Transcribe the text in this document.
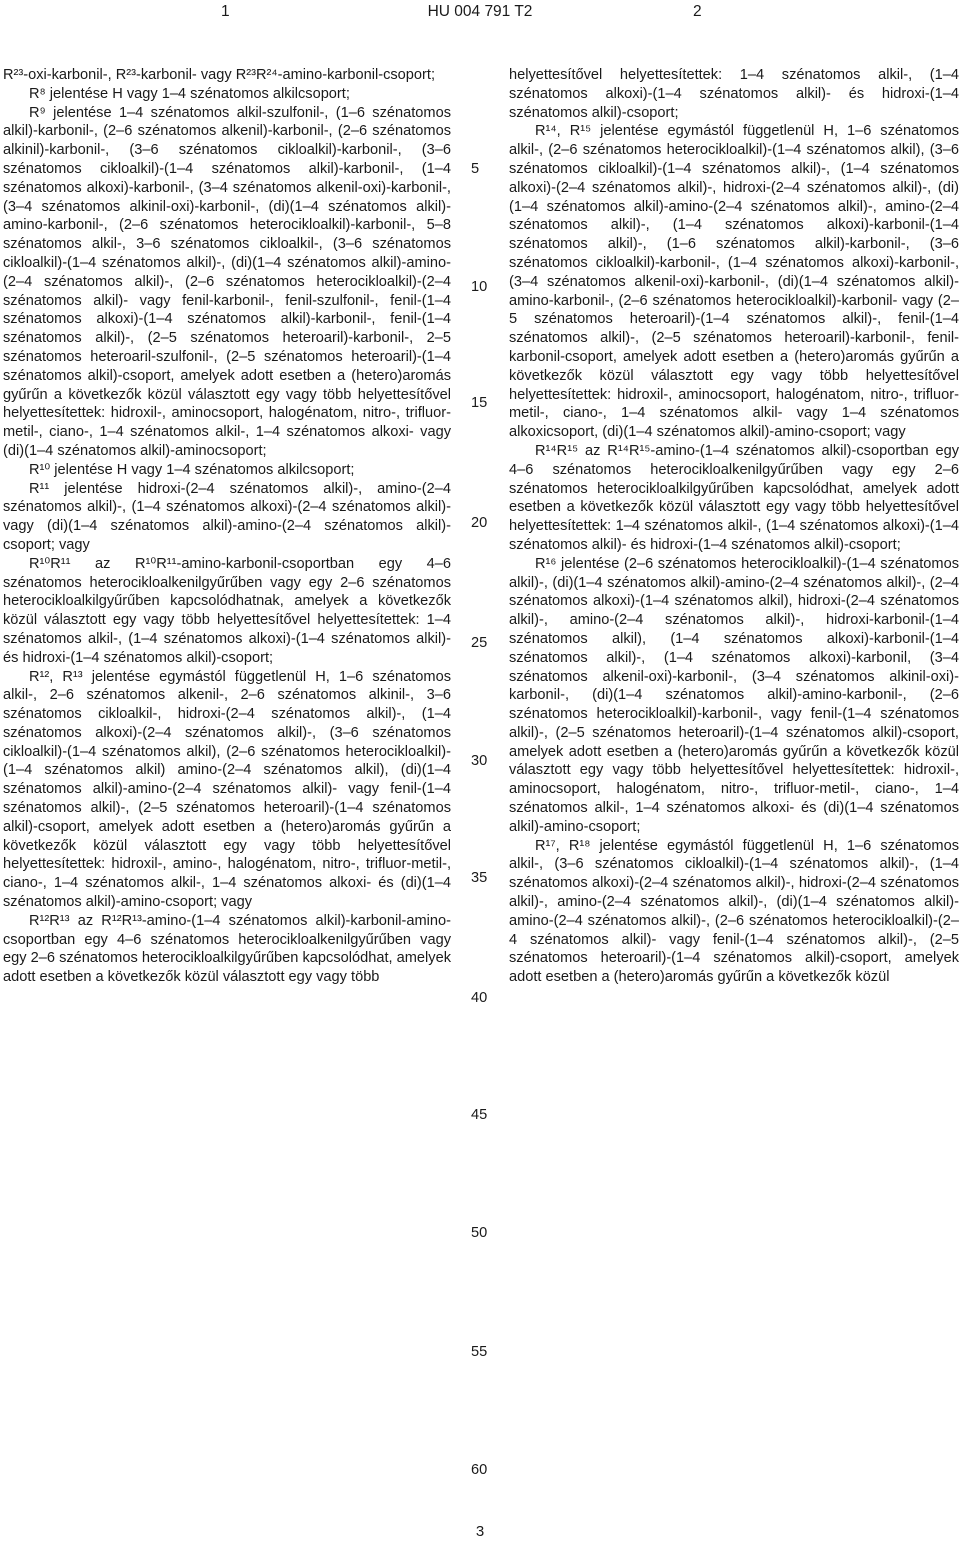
1	HU 004 791 T2	2

R²³-oxi-karbonil-, R²³-karbonil- vagy R²³R²⁴-amino-karbonil-csoport;

R⁸ jelentése H vagy 1–4 szénatomos alkilcsoport;

R⁹ jelentése 1–4 szénatomos alkil-szulfonil-, (1–6 szénatomos alkil)-karbonil-, (2–6 szénatomos alkenil)-karbonil-, (2–6 szénatomos alkinil)-karbonil-, (3–6 szénatomos cikloalkil)-karbonil-, (3–6 szénatomos cikloalkil)-(1–4 szénatomos alkil)-karbonil-, (1–4 szénatomos alkoxi)-karbonil-, (3–4 szénatomos alkenil-oxi)-karbonil-, (3–4 szénatomos alkinil-oxi)-karbonil-, (di)(1–4 szénatomos alkil)-amino-karbonil-, (2–6 szénatomos heterocikloalkil)-karbonil-, 5–8 szénatomos alkil-, 3–6 szénatomos cikloalkil-, (3–6 szénatomos cikloalkil)-(1–4 szénatomos alkil)-, (di)(1–4 szénatomos alkil)-amino-(2–4 szénatomos alkil)-, (2–6 szénatomos heterocikloalkil)-(2–4 szénatomos alkil)- vagy fenil-karbonil-, fenil-szulfonil-, fenil-(1–4 szénatomos alkoxi)-(1–4 szénatomos alkil)-karbonil-, fenil-(1–4 szénatomos alkil)-, (2–5 szénatomos heteroaril)-karbonil-, 2–5 szénatomos heteroaril-szulfonil-, (2–5 szénatomos heteroaril)-(1–4 szénatomos alkil)-csoport, amelyek adott esetben a (hetero)aromás gyűrűn a következők közül választott egy vagy több helyettesítővel helyettesítettek: hidroxil-, aminocsoport, halogénatom, nitro-, trifluor-metil-, ciano-, 1–4 szénatomos alkil-, 1–4 szénatomos alkoxi- vagy (di)(1–4 szénatomos alkil)-aminocsoport;

R¹⁰ jelentése H vagy 1–4 szénatomos alkilcsoport;

R¹¹ jelentése hidroxi-(2–4 szénatomos alkil)-, amino-(2–4 szénatomos alkil)-, (1–4 szénatomos alkoxi)-(2–4 szénatomos alkil)- vagy (di)(1–4 szénatomos alkil)-amino-(2–4 szénatomos alkil)-csoport; vagy

R¹⁰R¹¹ az R¹⁰R¹¹-amino-karbonil-csoportban egy 4–6 szénatomos heterocikloalkenilgyűrűben vagy egy 2–6 szénatomos heterocikloalkilgyűrűben kapcsolódhatnak, amelyek a következők közül választott egy vagy több helyettesítővel helyettesítettek: 1–4 szénatomos alkil-, (1–4 szénatomos alkoxi)-(1–4 szénatomos alkil)- és hidroxi-(1–4 szénatomos alkil)-csoport;

R¹², R¹³ jelentése egymástól függetlenül H, 1–6 szénatomos alkil-, 2–6 szénatomos alkenil-, 2–6 szénatomos alkinil-, 3–6 szénatomos cikloalkil-, hidroxi-(2–4 szénatomos alkil)-, (1–4 szénatomos alkoxi)-(2–4 szénatomos alkil)-, (3–6 szénatomos cikloalkil)-(1–4 szénatomos alkil), (2–6 szénatomos heterocikloalkil)-(1–4 szénatomos alkil) amino-(2–4 szénatomos alkil), (di)(1–4 szénatomos alkil)-amino-(2–4 szénatomos alkil)- vagy fenil-(1–4 szénatomos alkil)-, (2–5 szénatomos heteroaril)-(1–4 szénatomos alkil)-csoport, amelyek adott esetben a (hetero)aromás gyűrűn a következők közül választott egy vagy több helyettesítővel helyettesítettek: hidroxil-, amino-, halogénatom, nitro-, trifluor-metil-, ciano-, 1–4 szénatomos alkil-, 1–4 szénatomos alkoxi- és (di)(1–4 szénatomos alkil)-amino-csoport; vagy

R¹²R¹³ az R¹²R¹³-amino-(1–4 szénatomos alkil)-karbonil-amino-csoportban egy 4–6 szénatomos heterocikloalkenilgyűrűben vagy egy 2–6 szénatomos heterocikloalkilgyűrűben kapcsolódhat, amelyek adott esetben a következők közül választott egy vagy több

5
10
15
20
25
30
35
40
45
50
55
60

helyettesítővel helyettesítettek: 1–4 szénatomos alkil-, (1–4 szénatomos alkoxi)-(1–4 szénatomos alkil)- és hidroxi-(1–4 szénatomos alkil)-csoport;

R¹⁴, R¹⁵ jelentése egymástól függetlenül H, 1–6 szénatomos alkil-, (2–6 szénatomos heterocikloalkil)-(1–4 szénatomos alkil), (3–6 szénatomos cikloalkil)-(1–4 szénatomos alkil)-, (1–4 szénatomos alkoxi)-(2–4 szénatomos alkil)-, hidroxi-(2–4 szénatomos alkil)-, (di)(1–4 szénatomos alkil)-amino-(2–4 szénatomos alkil)-, amino-(2–4 szénatomos alkil)-, (1–4 szénatomos alkoxi)-karbonil-(1–4 szénatomos alkil)-, (1–6 szénatomos alkil)-karbonil-, (3–6 szénatomos cikloalkil)-karbonil-, (1–4 szénatomos alkoxi)-karbonil-, (3–4 szénatomos alkenil-oxi)-karbonil-, (di)(1–4 szénatomos alkil)-amino-karbonil-, (2–6 szénatomos heterocikloalkil)-karbonil- vagy (2–5 szénatomos heteroaril)-(1–4 szénatomos alkil)-, fenil-(1–4 szénatomos alkil)-, (2–5 szénatomos heteroaril)-karbonil-, fenil-karbonil-csoport, amelyek adott esetben a (hetero)aromás gyűrűn a következők közül választott egy vagy több helyettesítővel helyettesítettek: hidroxil-, aminocsoport, halogénatom, nitro-, trifluor-metil-, ciano-, 1–4 szénatomos alkil- vagy 1–4 szénatomos alkoxicsoport, (di)(1–4 szénatomos alkil)-amino-csoport; vagy

R¹⁴R¹⁵ az R¹⁴R¹⁵-amino-(1–4 szénatomos alkil)-csoportban egy 4–6 szénatomos heterocikloalkenilgyűrűben vagy egy 2–6 szénatomos heterocikloalkilgyűrűben kapcsolódhat, amelyek adott esetben a következők közül választott egy vagy több helyettesítővel helyettesítettek: 1–4 szénatomos alkil-, (1–4 szénatomos alkoxi)-(1–4 szénatomos alkil)- és hidroxi-(1–4 szénatomos alkil)-csoport;

R¹⁶ jelentése (2–6 szénatomos heterocikloalkil)-(1–4 szénatomos alkil)-, (di)(1–4 szénatomos alkil)-amino-(2–4 szénatomos alkil)-, (2–4 szénatomos alkoxi)-(1–4 szénatomos alkil), hidroxi-(2–4 szénatomos alkil)-, amino-(2–4 szénatomos alkil)-, hidroxi-karbonil-(1–4 szénatomos alkil), (1–4 szénatomos alkoxi)-karbonil-(1–4 szénatomos alkil)-, (1–4 szénatomos alkoxi)-karbonil, (3–4 szénatomos alkenil-oxi)-karbonil-, (3–4 szénatomos alkinil-oxi)-karbonil-, (di)(1–4 szénatomos alkil)-amino-karbonil-, (2–6 szénatomos heterocikloalkil)-karbonil-, vagy fenil-(1–4 szénatomos alkil)-, (2–5 szénatomos heteroaril)-(1–4 szénatomos alkil)-csoport, amelyek adott esetben a (hetero)aromás gyűrűn a következők közül választott egy vagy több helyettesítővel helyettesítettek: hidroxil-, aminocsoport, halogénatom, nitro-, trifluor-metil-, ciano-, 1–4 szénatomos alkil-, 1–4 szénatomos alkoxi- és (di)(1–4 szénatomos alkil)-amino-csoport;

R¹⁷, R¹⁸ jelentése egymástól függetlenül H, 1–6 szénatomos alkil-, (3–6 szénatomos cikloalkil)-(1–4 szénatomos alkil)-, (1–4 szénatomos alkoxi)-(2–4 szénatomos alkil)-, hidroxi-(2–4 szénatomos alkil)-, amino-(2–4 szénatomos alkil)-, (di)(1–4 szénatomos alkil)-amino-(2–4 szénatomos alkil)-, (2–6 szénatomos heterocikloalkil)-(2–4 szénatomos alkil)- vagy fenil-(1–4 szénatomos alkil)-, (2–5 szénatomos heteroaril)-(1–4 szénatomos alkil)-csoport, amelyek adott esetben a (hetero)aromás gyűrűn a következők közül

3
